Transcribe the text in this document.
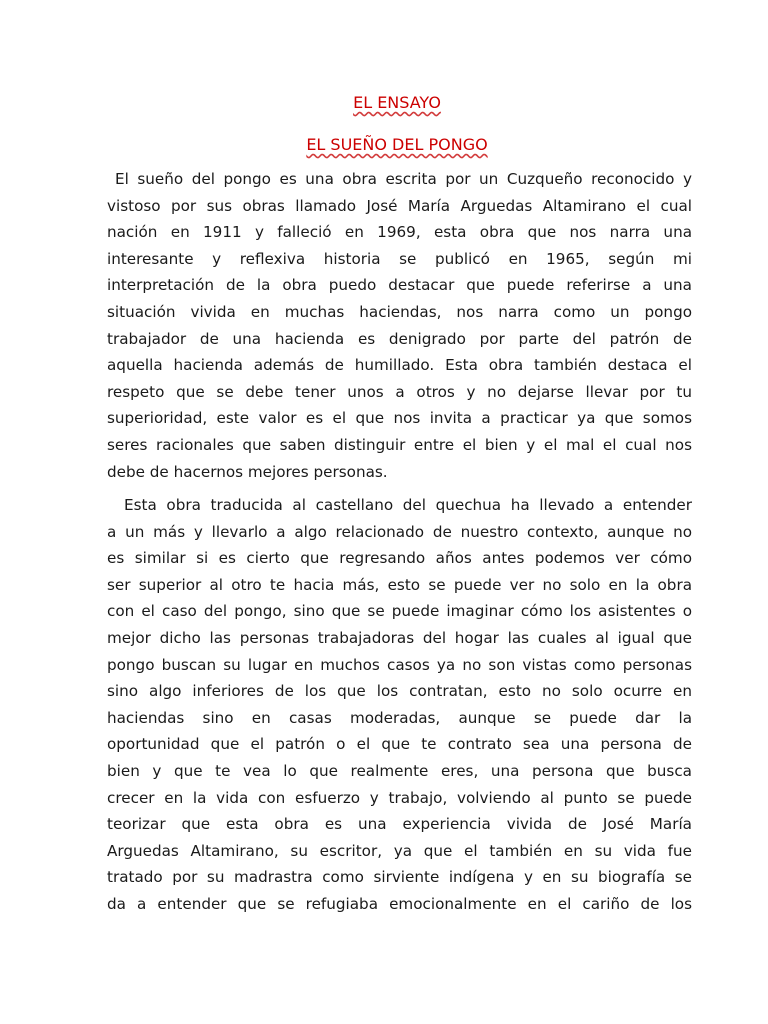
EL ENSAYO
EL SUEÑO DEL PONGO
El sueño del pongo es una obra escrita por un Cuzqueño reconocido y
vistoso por sus obras llamado José María Arguedas Altamirano el cual
nación en 1911 y falleció en 1969, esta obra que nos narra una
interesante y reflexiva historia se publicó en 1965, según mi
interpretación de la obra puedo destacar que puede referirse a una
situación vivida en muchas haciendas, nos narra como un pongo
trabajador de una hacienda es denigrado por parte del patrón de
aquella hacienda además de humillado. Esta obra también destaca el
respeto que se debe tener unos a otros y no dejarse llevar por tu
superioridad, este valor es el que nos invita a practicar ya que somos
seres racionales que saben distinguir entre el bien y el mal el cual nos
debe de hacernos mejores personas.
Esta obra traducida al castellano del quechua ha llevado a entender
a un más y llevarlo a algo relacionado de nuestro contexto, aunque no
es similar si es cierto que regresando años antes podemos ver cómo
ser superior al otro te hacia más, esto se puede ver no solo en la obra
con el caso del pongo, sino que se puede imaginar cómo los asistentes o
mejor dicho las personas trabajadoras del hogar las cuales al igual que
pongo buscan su lugar en muchos casos ya no son vistas como personas
sino algo inferiores de los que los contratan, esto no solo ocurre en
haciendas sino en casas moderadas, aunque se puede dar la
oportunidad que el patrón o el que te contrato sea una persona de
bien y que te vea lo que realmente eres, una persona que busca
crecer en la vida con esfuerzo y trabajo, volviendo al punto se puede
teorizar que esta obra es una experiencia vivida de José María
Arguedas Altamirano, su escritor, ya que el también en su vida fue
tratado por su madrastra como sirviente indígena y en su biografía se
da a entender que se refugiaba emocionalmente en el cariño de los
